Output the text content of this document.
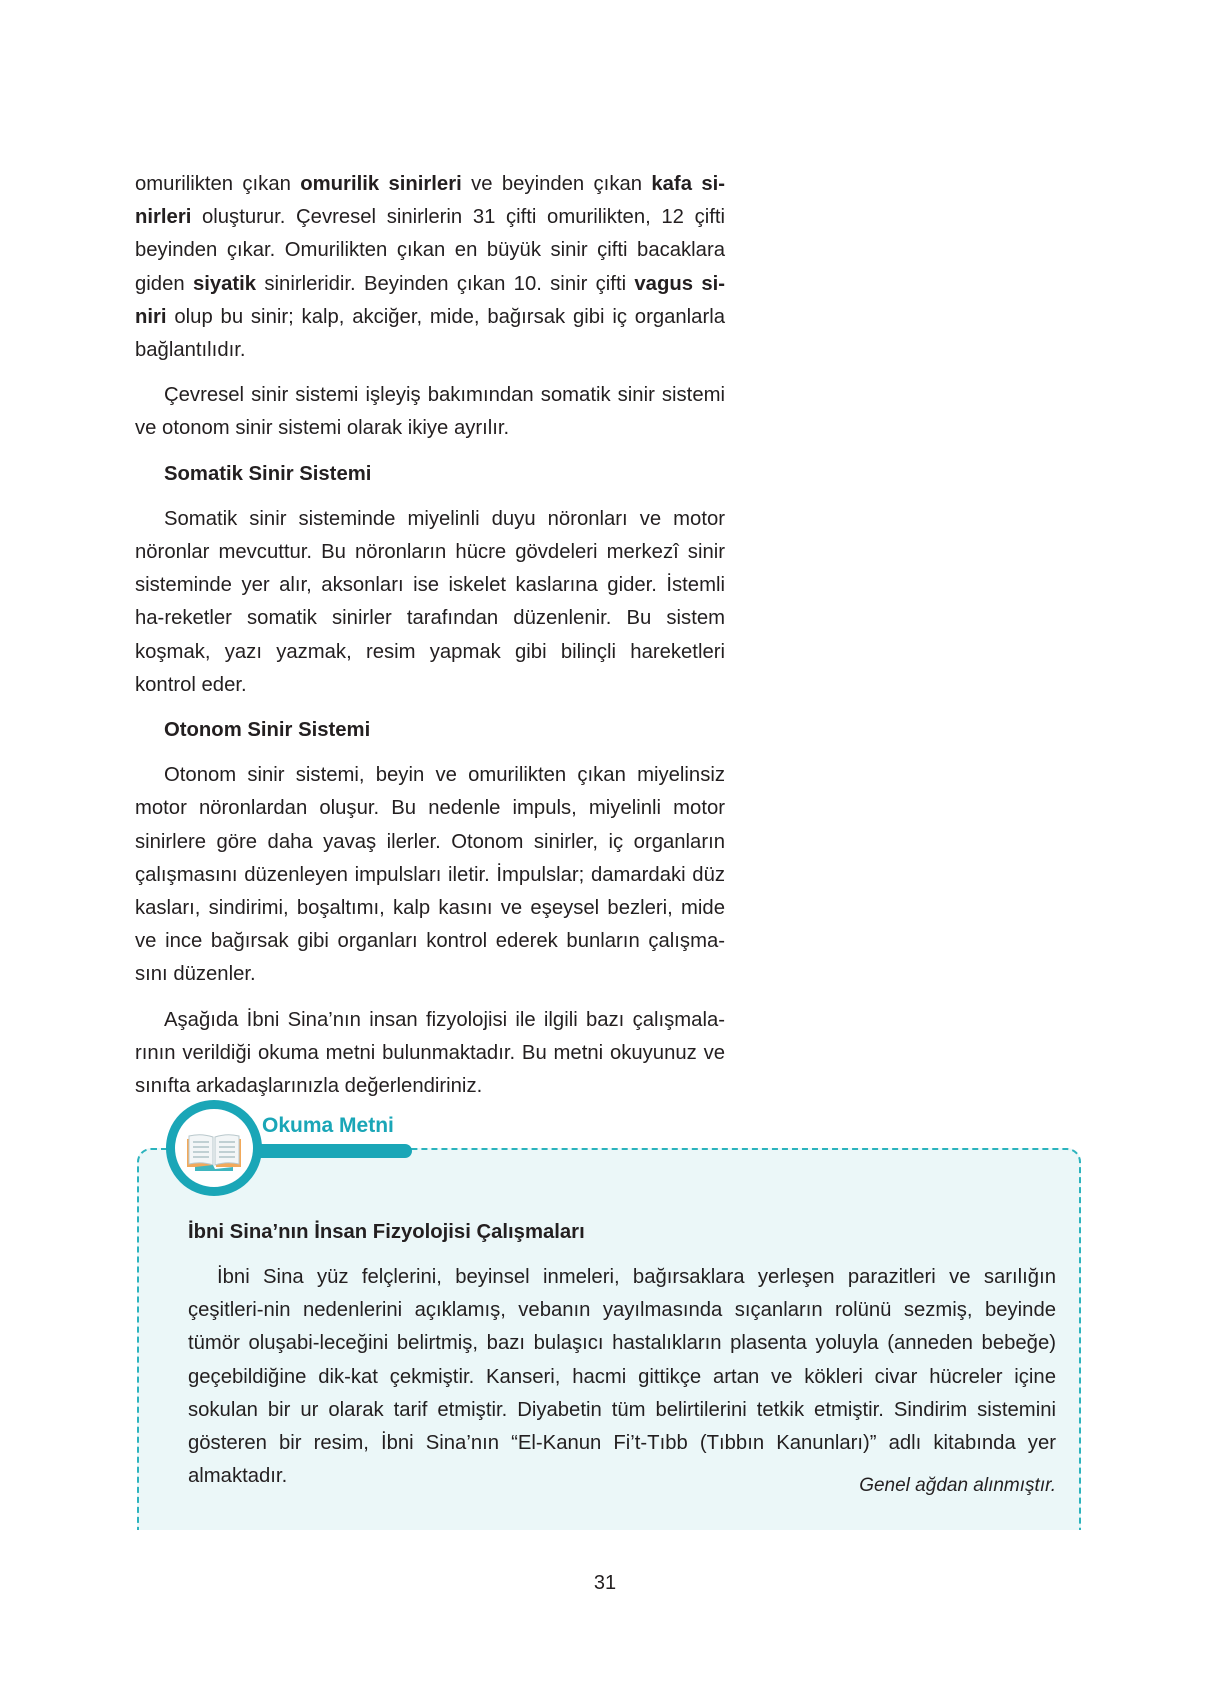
omurilikten çıkan omurilik sinirleri ve beyinden çıkan kafa si-nirleri oluşturur. Çevresel sinirlerin 31 çifti omurilikten, 12 çifti beyinden çıkar. Omurilikten çıkan en büyük sinir çifti bacaklara giden siyatik sinirleridir. Beyinden çıkan 10. sinir çifti vagus si-niri olup bu sinir; kalp, akciğer, mide, bağırsak gibi iç organlarla bağlantılıdır.

Çevresel sinir sistemi işleyiş bakımından somatik sinir sistemi ve otonom sinir sistemi olarak ikiye ayrılır.

Somatik Sinir Sistemi

Somatik sinir sisteminde miyelinli duyu nöronları ve motor nöronlar mevcuttur. Bu nöronların hücre gövdeleri merkezî sinir sisteminde yer alır, aksonları ise iskelet kaslarına gider. İstemli ha-reketler somatik sinirler tarafından düzenlenir. Bu sistem koşmak, yazı yazmak, resim yapmak gibi bilinçli hareketleri kontrol eder.

Otonom Sinir Sistemi

Otonom sinir sistemi, beyin ve omurilikten çıkan miyelinsiz motor nöronlardan oluşur. Bu nedenle impuls, miyelinli motor sinirlere göre daha yavaş ilerler. Otonom sinirler, iç organların çalışmasını düzenleyen impulsları iletir. İmpulslar; damardaki düz kasları, sindirimi, boşaltımı, kalp kasını ve eşeysel bezleri, mide ve ince bağırsak gibi organları kontrol ederek bunların çalışma-sını düzenler.

Aşağıda İbni Sina’nın insan fizyolojisi ile ilgili bazı çalışmala-rının verildiği okuma metni bulunmaktadır. Bu metni okuyunuz ve sınıfta arkadaşlarınızla değerlendiriniz.

Okuma Metni
İbni Sina’nın İnsan Fizyolojisi Çalışmaları
İbni Sina yüz felçlerini, beyinsel inmeleri, bağırsaklara yerleşen parazitleri ve sarılığın çeşitleri-nin nedenlerini açıklamış, vebanın yayılmasında sıçanların rolünü sezmiş, beyinde tümör oluşabi-leceğini belirtmiş, bazı bulaşıcı hastalıkların plasenta yoluyla (anneden bebeğe) geçebildiğine dik-kat çekmiştir. Kanseri, hacmi gittikçe artan ve kökleri civar hücreler içine sokulan bir ur olarak tarif etmiştir. Diyabetin tüm belirtilerini tetkik etmiştir. Sindirim sistemini gösteren bir resim, İbni Sina’nın “El-Kanun Fi’t-Tıbb (Tıbbın Kanunları)” adlı kitabında yer almaktadır.	Genel ağdan alınmıştır.
31
